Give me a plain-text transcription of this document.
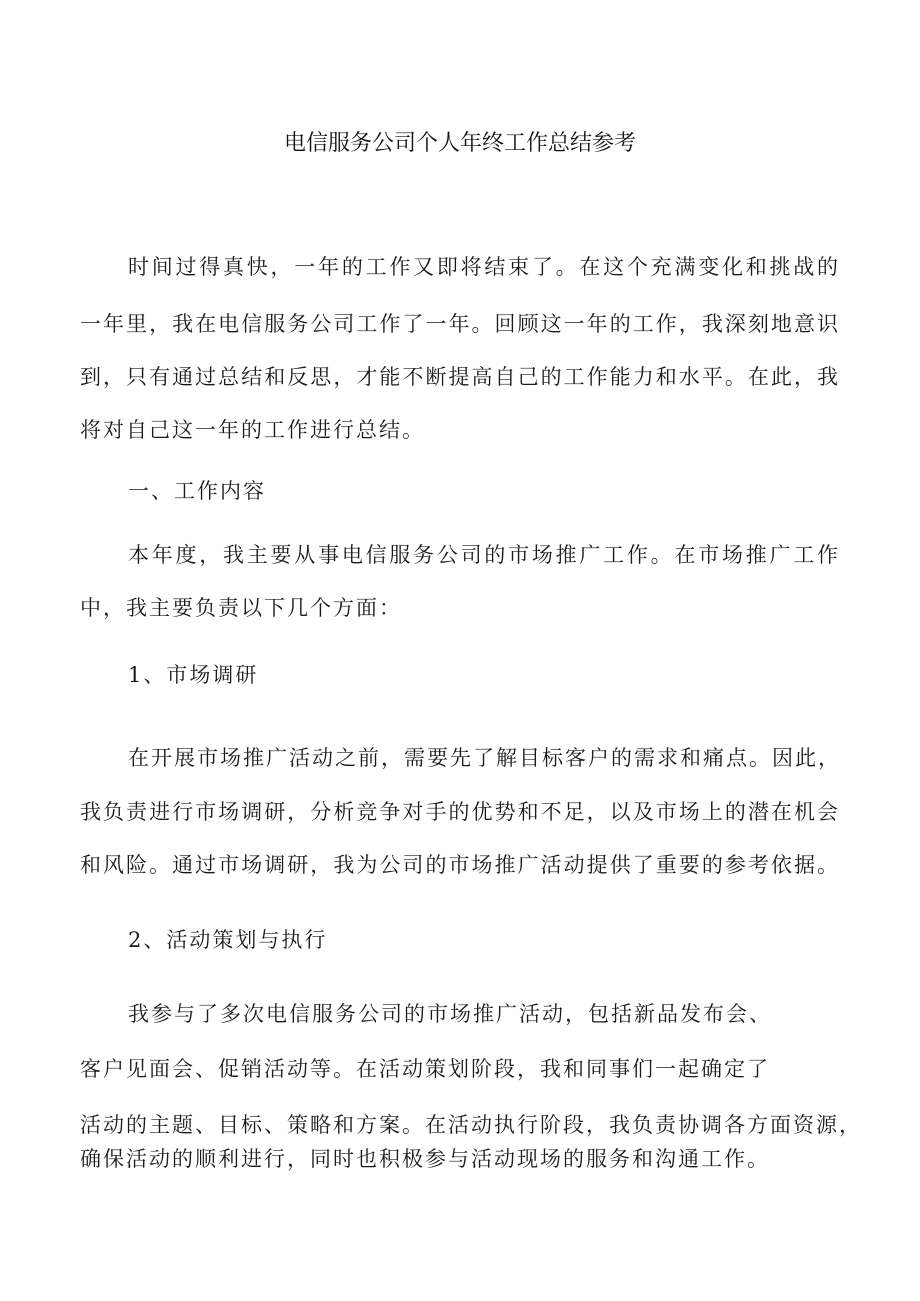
电信服务公司个人年终工作总结参考

时间过得真快，一年的工作又即将结束了。在这个充满变化和挑战的

一年里，我在电信服务公司工作了一年。回顾这一年的工作，我深刻地意识

到，只有通过总结和反思，才能不断提高自己的工作能力和水平。在此，我

将对自己这一年的工作进行总结。

一、工作内容

本年度，我主要从事电信服务公司的市场推广工作。在市场推广工作

中，我主要负责以下几个方面：

1、市场调研

在开展市场推广活动之前，需要先了解目标客户的需求和痛点。因此，

我负责进行市场调研，分析竞争对手的优势和不足，以及市场上的潜在机会

和风险。通过市场调研，我为公司的市场推广活动提供了重要的参考依据。

2、活动策划与执行

我参与了多次电信服务公司的市场推广活动，包括新品发布会、

客户见面会、促销活动等。在活动策划阶段，我和同事们一起确定了

活动的主题、目标、策略和方案。在活动执行阶段，我负责协调各方面资源，

确保活动的顺利进行，同时也积极参与活动现场的服务和沟通工作。
